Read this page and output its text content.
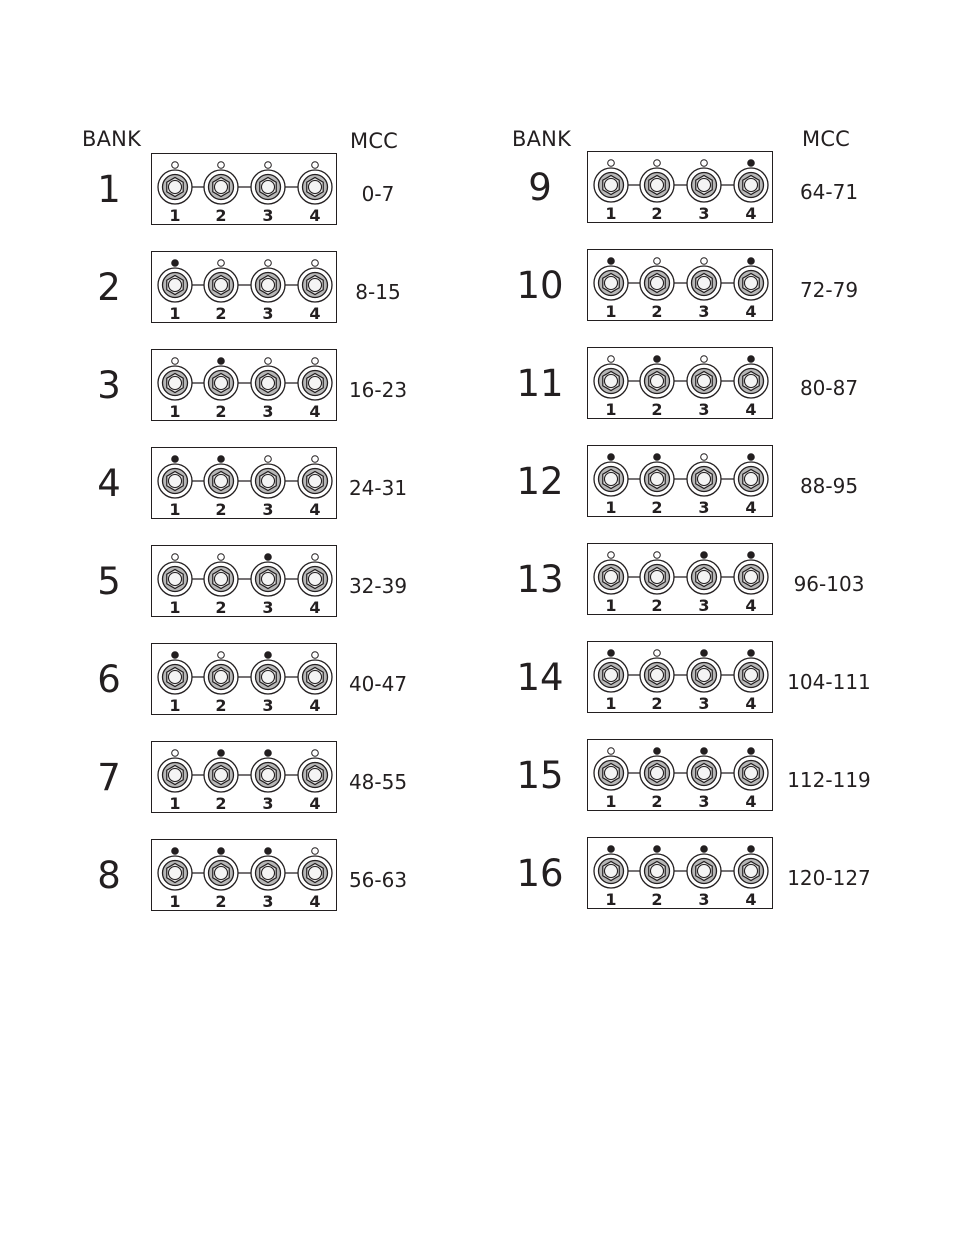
BANK	MCC	BANK	MCC
1
1 2 3 4
0-7
2
1 2 3 4
8-15
3
1 2 3 4
16-23
4
1 2 3 4
24-31
5
1 2 3 4
32-39
6
1 2 3 4
40-47
7
1 2 3 4
48-55
8
1 2 3 4
56-63
9
1 2 3 4
64-71
10
1 2 3 4
72-79
11
1 2 3 4
80-87
12
1 2 3 4
88-95
13
1 2 3 4
96-103
14
1 2 3 4
104-111
15
1 2 3 4
112-119
16
1 2 3 4
120-127
